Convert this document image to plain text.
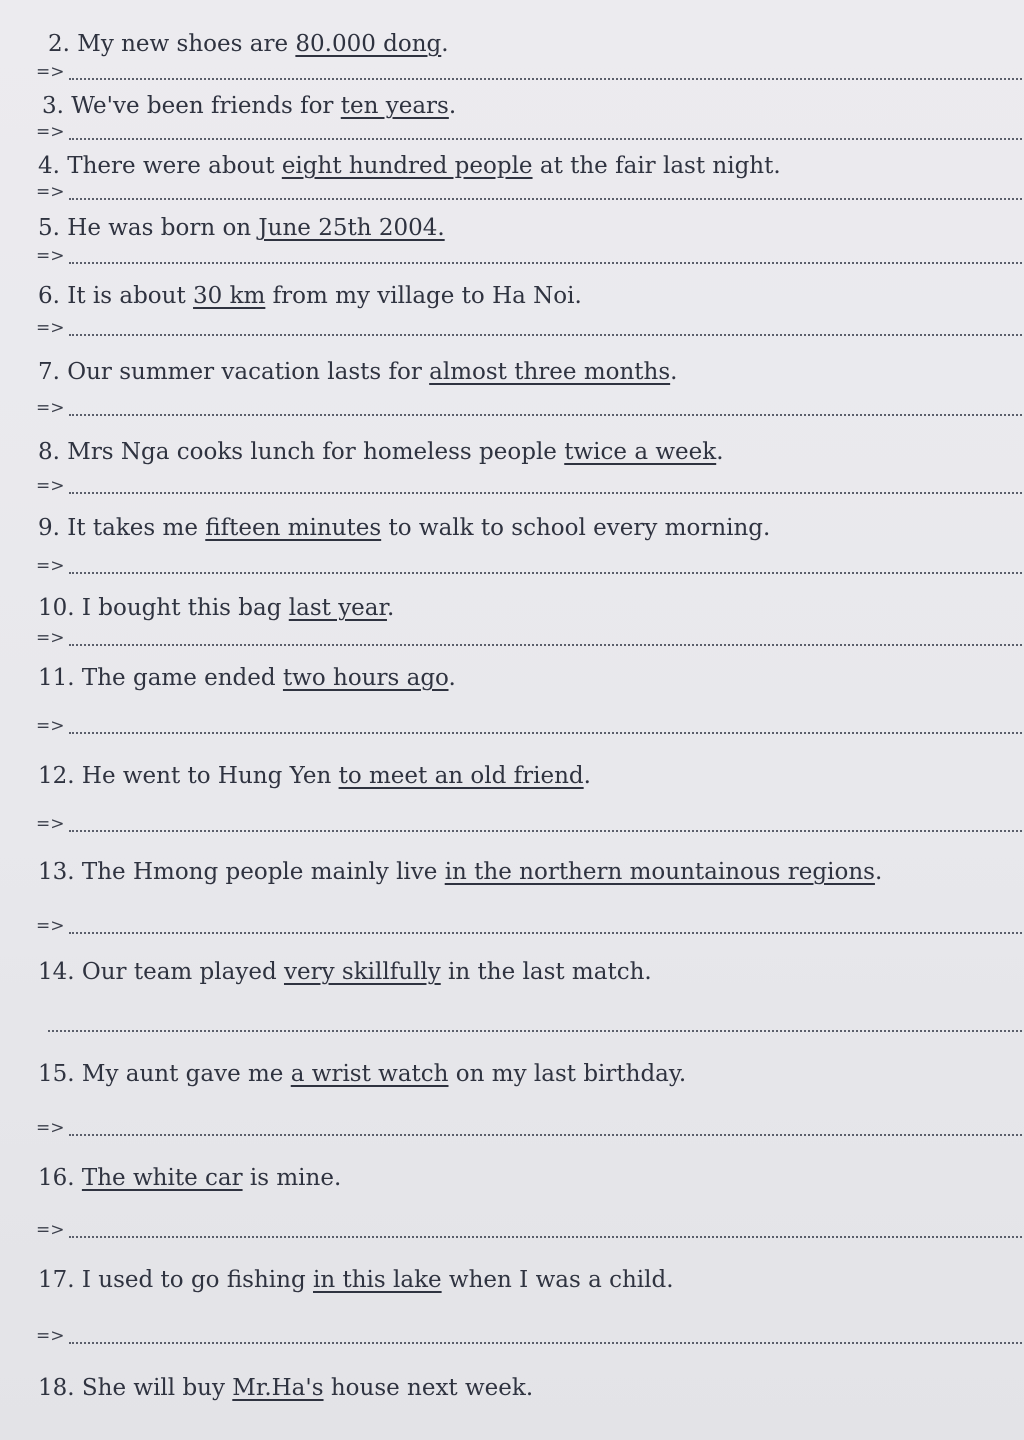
2. My new shoes are 80.000 dong.
=>
3. We've been friends for ten years.
=>
4. There were about eight hundred people at the fair last night.
=>
5. He was born on June 25th 2004.
=>
6. It is about 30 km from my village to Ha Noi.
=>
7. Our summer vacation lasts for almost three months.
=>
8. Mrs Nga cooks lunch for homeless people twice a week.
=>
9. It takes me fifteen minutes to walk to school every morning.
=>
10. I bought this bag last year.
=>
11. The game ended two hours ago.
=>
12. He went to Hung Yen to meet an old friend.
=>
13. The Hmong people mainly live in the northern mountainous regions.
=>
14. Our team played very skillfully in the last match.
15. My aunt gave me a wrist watch on my last birthday.
=>
16. The white car is mine.
=>
17. I used to go fishing in this lake when I was a child.
=>
18. She will buy Mr.Ha's house next week.
